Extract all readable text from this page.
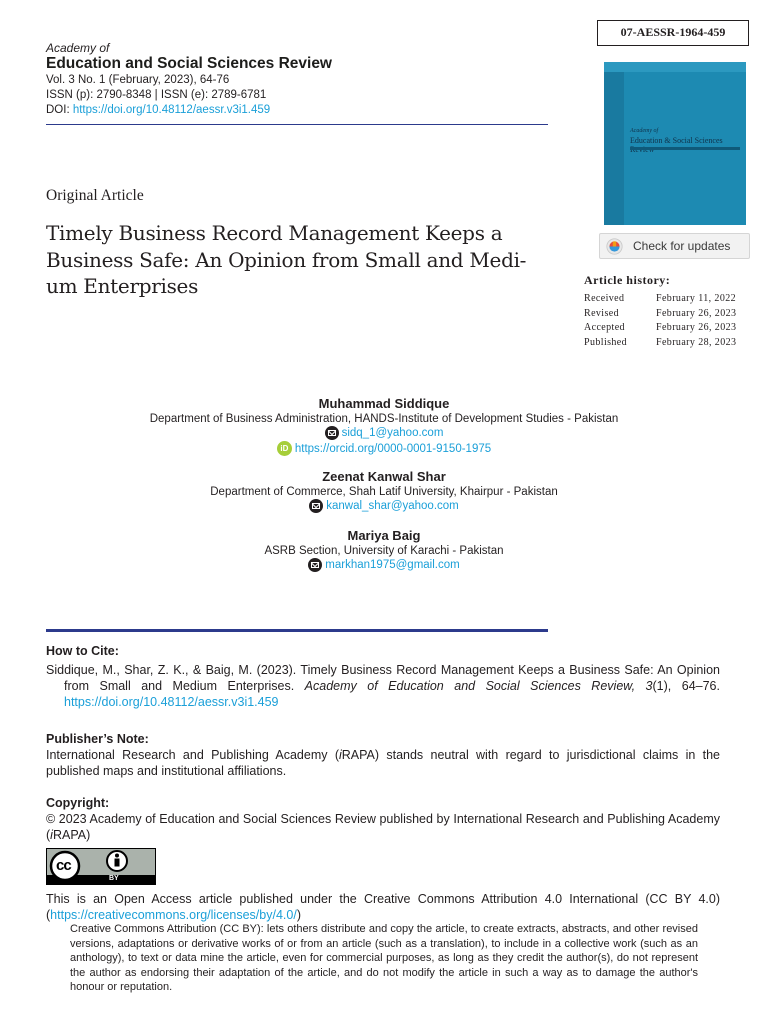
Academy of
Education and Social Sciences Review
Vol. 3 No. 1 (February, 2023), 64-76
ISSN (p): 2790-8348 | ISSN (e): 2789-6781
DOI: https://doi.org/10.48112/aessr.v3i1.459
07-AESSR-1964-459
Academy of
Education & Social Sciences
Check for updates
Article history:
Received	February 11, 2022
Revised	February 26, 2023
Accepted	February 26, 2023
Published	February 28, 2023
Original Article
Timely Business Record Management Keeps a
Business Safe: An Opinion from Small and Medi-
um Enterprises
Muhammad Siddique
Department of Business Administration, HANDS-Institute of Development Studies - Pakistan
sidq_1@yahoo.com
iD https://orcid.org/0000-0001-9150-1975
Zeenat Kanwal Shar
Department of Commerce, Shah Latif University, Khairpur - Pakistan
kanwal_shar@yahoo.com
Mariya Baig
ASRB Section, University of Karachi - Pakistan
markhan1975@gmail.com
How to Cite:
Siddique, M., Shar, Z. K., & Baig, M. (2023). Timely Business Record Management Keeps a Business Safe: An Opinion from Small and Medium Enterprises. Academy of Education and Social Sciences Review, 3(1), 64–76. https://doi.org/10.48112/aessr.v3i1.459
Publisher’s Note:
International Research and Publishing Academy (iRAPA) stands neutral with regard to jurisdictional claims in the published maps and institutional affiliations.
Copyright:
© 2023 Academy of Education and Social Sciences Review published by International Research and Publishing Academy (iRAPA)
cc
BY
This is an Open Access article published under the Creative Commons Attribution 4.0 International (CC BY 4.0) (https://creativecommons.org/licenses/by/4.0/)
Creative Commons Attribution (CC BY): lets others distribute and copy the article, to create extracts, abstracts, and other revised versions, adaptations or derivative works of or from an article (such as a translation), to include in a collective work (such as an anthology), to text or data mine the article, even for commercial purposes, as long as they credit the author(s), do not represent the author as endorsing their adaptation of the article, and do not modify the article in such a way as to damage the author's honour or reputation.
